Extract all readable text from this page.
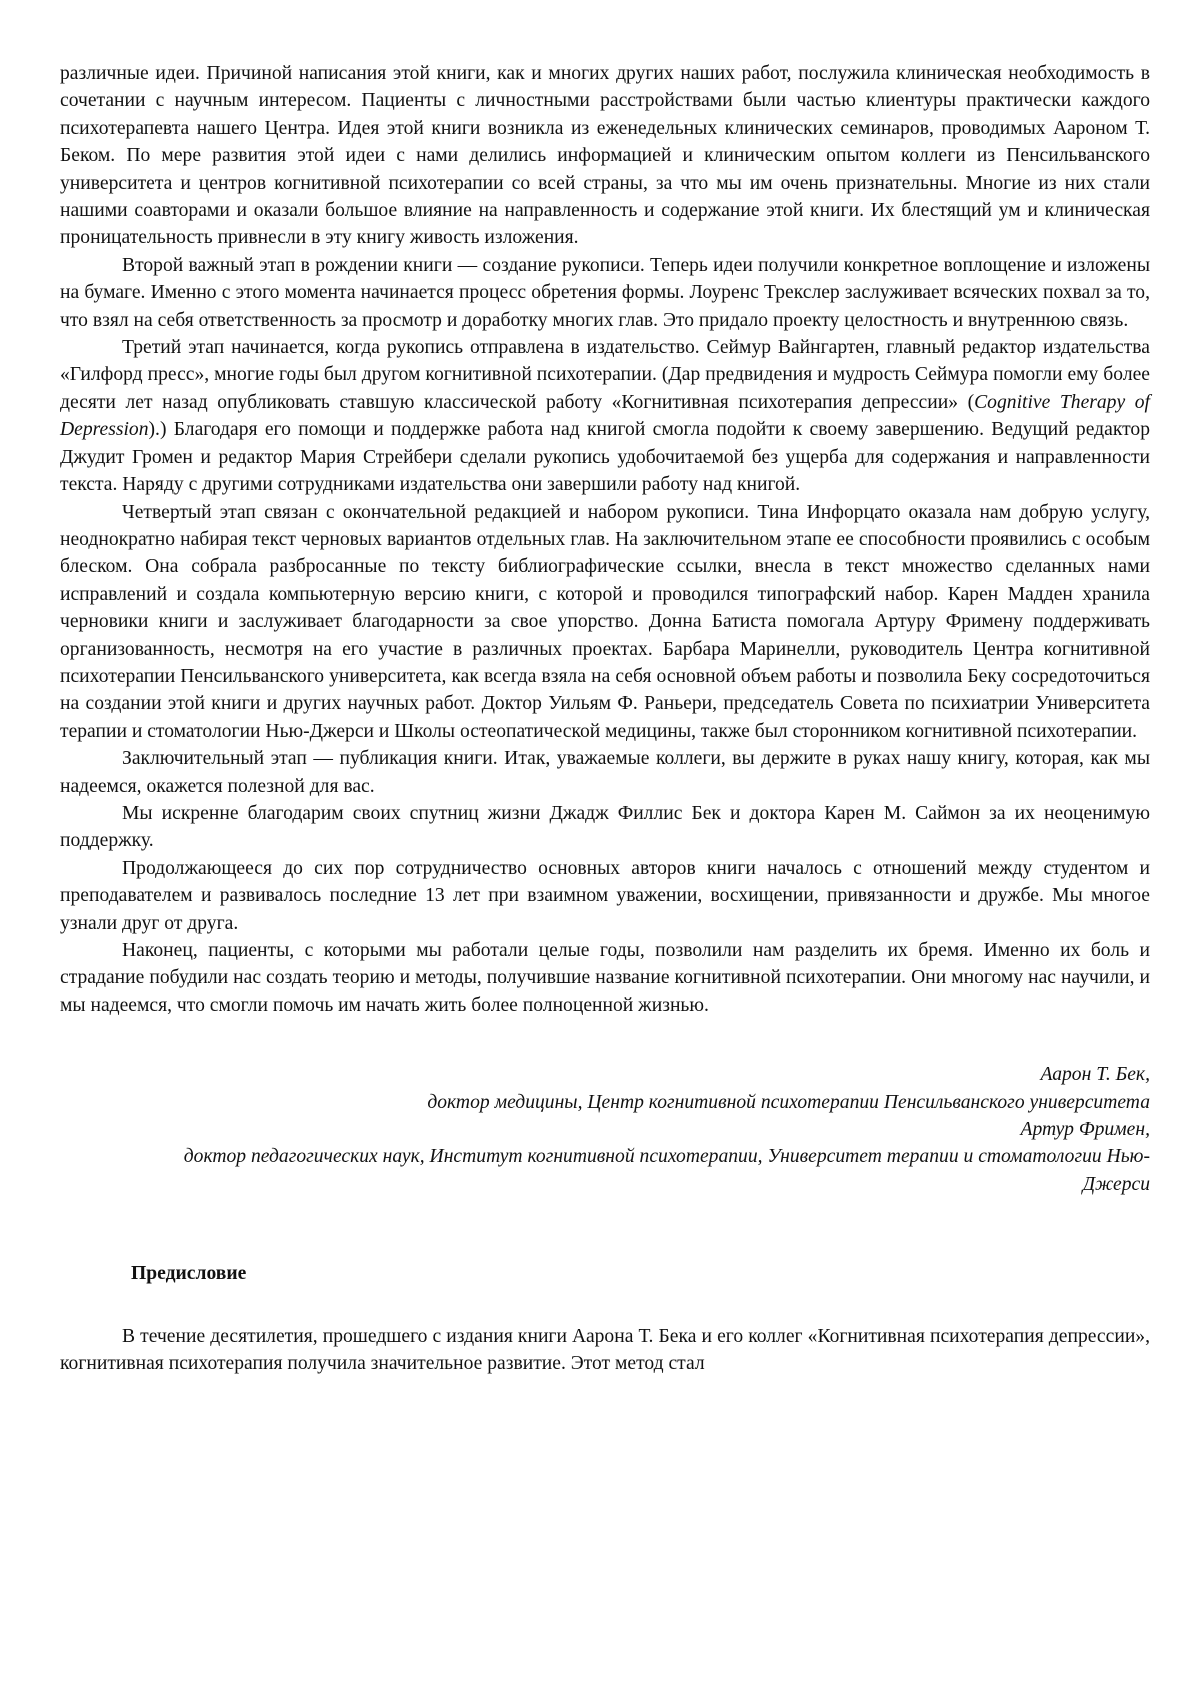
различные идеи. Причиной написания этой книги, как и многих других наших работ, послужила клиническая необходимость в сочетании с научным интересом. Пациенты с личностными расстройствами были частью клиентуры практически каждого психотерапевта нашего Центра. Идея этой книги возникла из еженедельных клинических семинаров, проводимых Аароном Т. Беком. По мере развития этой идеи с нами делились информацией и клиническим опытом коллеги из Пенсильванского университета и центров когнитивной психотерапии со всей страны, за что мы им очень признательны. Многие из них стали нашими соавторами и оказали большое влияние на направленность и содержание этой книги. Их блестящий ум и клиническая проницательность привнесли в эту книгу живость изложения.

Второй важный этап в рождении книги — создание рукописи. Теперь идеи получили конкретное воплощение и изложены на бумаге. Именно с этого момента начинается процесс обретения формы. Лоуренс Трекслер заслуживает всяческих похвал за то, что взял на себя ответственность за просмотр и доработку многих глав. Это придало проекту целостность и внутреннюю связь.

Третий этап начинается, когда рукопись отправлена в издательство. Сеймур Вайнгартен, главный редактор издательства «Гилфорд пресс», многие годы был другом когнитивной психотерапии. (Дар предвидения и мудрость Сеймура помогли ему более десяти лет назад опубликовать ставшую классической работу «Когнитивная психотерапия депрессии» (Cognitive Therapy of Depression).) Благодаря его помощи и поддержке работа над книгой смогла подойти к своему завершению. Ведущий редактор Джудит Громен и редактор Мария Стрейбери сделали рукопись удобочитаемой без ущерба для содержания и направленности текста. Наряду с другими сотрудниками издательства они завершили работу над книгой.

Четвертый этап связан с окончательной редакцией и набором рукописи. Тина Инфорцато оказала нам добрую услугу, неоднократно набирая текст черновых вариантов отдельных глав. На заключительном этапе ее способности проявились с особым блеском. Она собрала разбросанные по тексту библиографические ссылки, внесла в текст множество сделанных нами исправлений и создала компьютерную версию книги, с которой и проводился типографский набор. Карен Мадден хранила черновики книги и заслуживает благодарности за свое упорство. Донна Батиста помогала Артуру Фримену поддерживать организованность, несмотря на его участие в различных проектах. Барбара Маринелли, руководитель Центра когнитивной психотерапии Пенсильванского университета, как всегда взяла на себя основной объем работы и позволила Беку сосредоточиться на создании этой книги и других научных работ. Доктор Уильям Ф. Раньери, председатель Совета по психиатрии Университета терапии и стоматологии Нью-Джерси и Школы остеопатической медицины, также был сторонником когнитивной психотерапии.

Заключительный этап — публикация книги. Итак, уважаемые коллеги, вы держите в руках нашу книгу, которая, как мы надеемся, окажется полезной для вас.

Мы искренне благодарим своих спутниц жизни Джадж Филлис Бек и доктора Карен М. Саймон за их неоценимую поддержку.

Продолжающееся до сих пор сотрудничество основных авторов книги началось с отношений между студентом и преподавателем и развивалось последние 13 лет при взаимном уважении, восхищении, привязанности и дружбе. Мы многое узнали друг от друга.

Наконец, пациенты, с которыми мы работали целые годы, позволили нам разделить их бремя. Именно их боль и страдание побудили нас создать теорию и методы, получившие название когнитивной психотерапии. Они многому нас научили, и мы надеемся, что смогли помочь им начать жить более полноценной жизнью.

Аарон Т. Бек,

доктор медицины, Центр когнитивной психотерапии Пенсильванского университета

Артур Фримен,

доктор педагогических наук, Институт когнитивной психотерапии, Университет терапии и стоматологии Нью-Джерси

Предисловие

В течение десятилетия, прошедшего с издания книги Аарона Т. Бека и его коллег «Когнитивная психотерапия депрессии», когнитивная психотерапия получила значительное развитие. Этот метод стал
